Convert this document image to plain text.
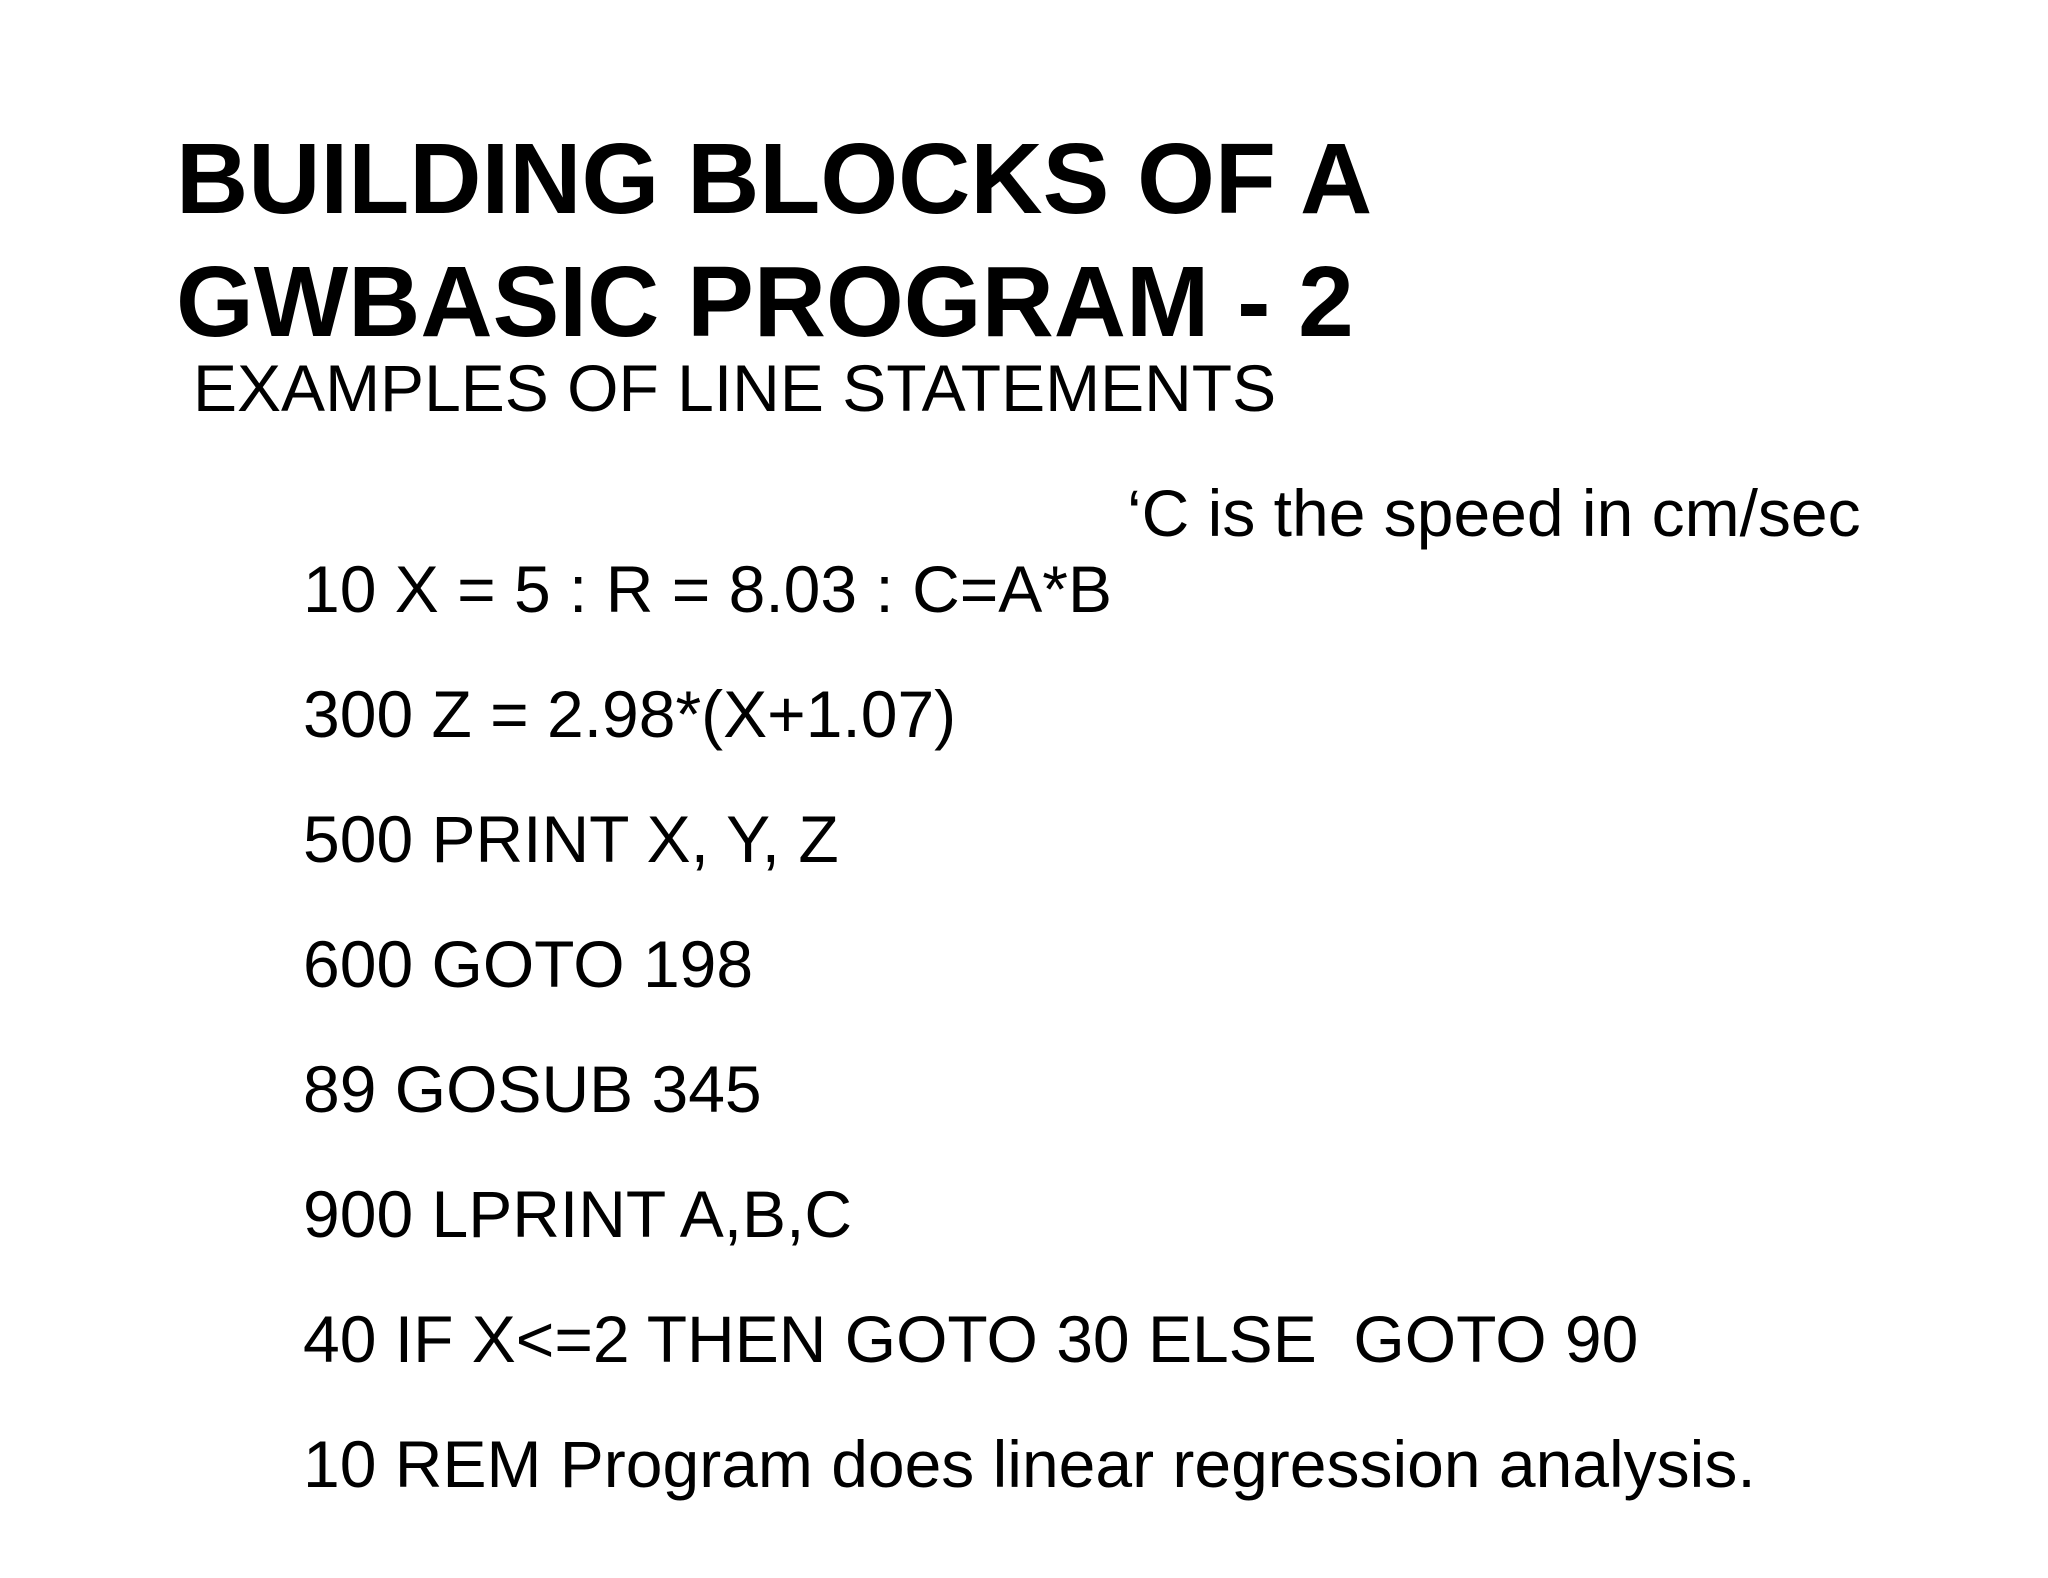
BUILDING BLOCKS OF A
GWBASIC PROGRAM - 2
EXAMPLES OF LINE STATEMENTS

10 X = 5 : R = 8.03 : C=A*B

‘C is the speed in cm/sec

300 Z = 2.98*(X+1.07)

500 PRINT X, Y, Z

600 GOTO 198

89 GOSUB 345

900 LPRINT A,B,C

40 IF X<=2 THEN GOTO 30 ELSE  GOTO 90

10 REM Program does linear regression analysis.
